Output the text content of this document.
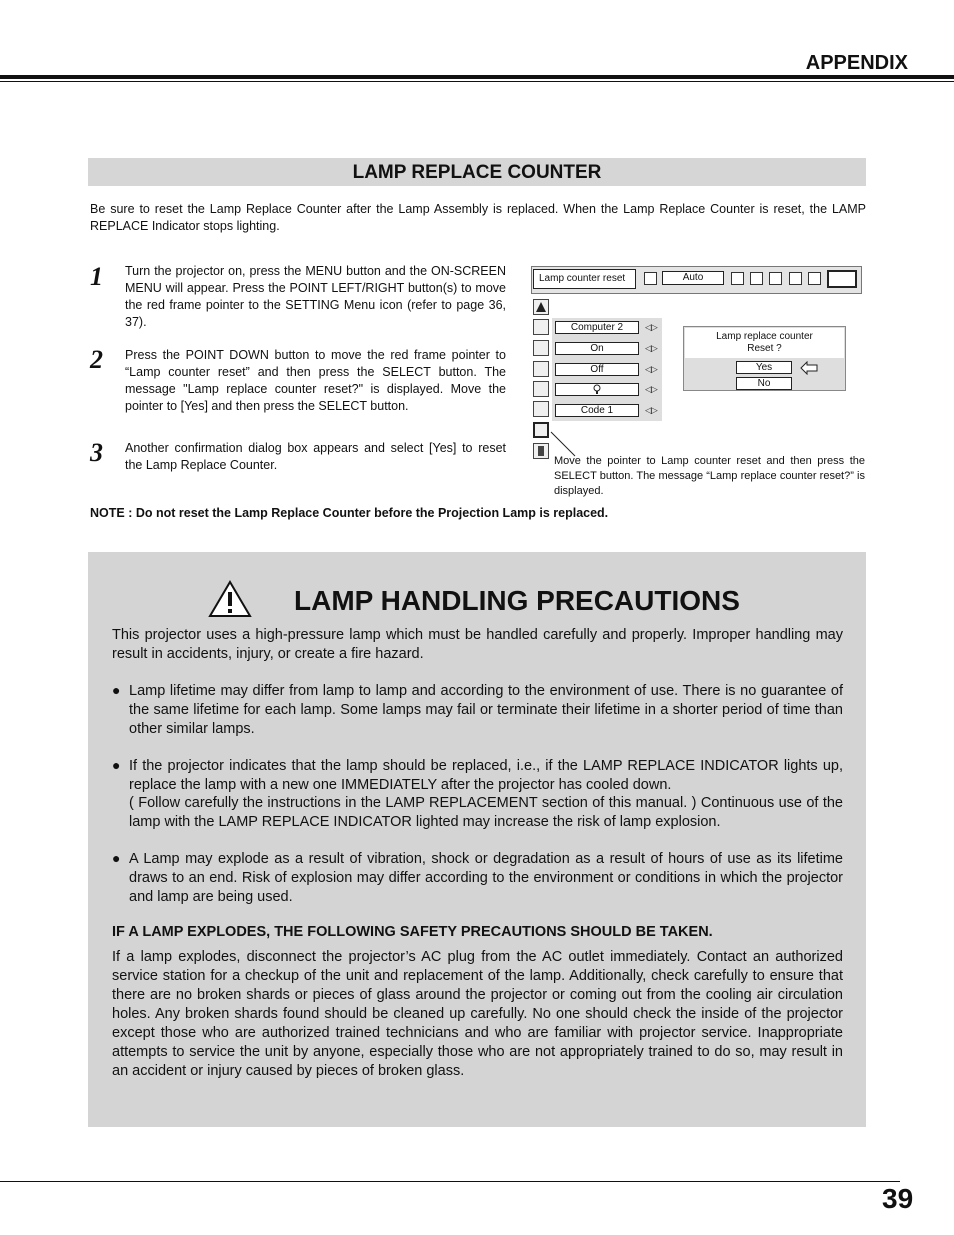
APPENDIX
LAMP REPLACE COUNTER
Be sure to reset the Lamp Replace Counter after the Lamp Assembly is replaced. When the Lamp Replace Counter is reset, the LAMP REPLACE Indicator stops lighting.
1 Turn the projector on, press the MENU button and the ON-SCREEN MENU will appear. Press the POINT LEFT/RIGHT button(s) to move the red frame pointer to the SETTING Menu icon (refer to page 36, 37).
2 Press the POINT DOWN button to move the red frame pointer to “Lamp counter reset” and then press the SELECT button. The message "Lamp replace counter reset?" is displayed. Move the pointer to [Yes] and then press the SELECT button.
3 Another confirmation dialog box appears and select [Yes] to reset the Lamp Replace Counter.
NOTE : Do not reset the Lamp Replace Counter before the Projection Lamp is replaced.
Lamp counter reset	Auto
Computer 2
On
Off
Code 1
◁▷
◁▷
◁▷
◁▷
◁▷
Lamp replace counter
Reset ?
Yes
No
Move the pointer to Lamp counter reset and then press the SELECT button. The message “Lamp replace counter reset?” is displayed.
LAMP HANDLING PRECAUTIONS
This projector uses a high-pressure lamp which must be handled carefully and properly. Improper handling may result in accidents, injury, or create a fire hazard.
● Lamp lifetime may differ from lamp to lamp and according to the environment of use. There is no guarantee of the same lifetime for each lamp. Some lamps may fail or terminate their lifetime in a shorter period of time than other similar lamps.
● If the projector indicates that the lamp should be replaced, i.e., if the LAMP REPLACE INDICATOR lights up, replace the lamp with a new one IMMEDIATELY after the projector has cooled down.
( Follow carefully the instructions in the LAMP REPLACEMENT section of this manual. ) Continuous use of the lamp with the LAMP REPLACE INDICATOR lighted may increase the risk of lamp explosion.
● A Lamp may explode as a result of vibration, shock or degradation as a result of hours of use as its lifetime draws to an end. Risk of explosion may differ according to the environment or conditions in which the projector and lamp are being used.
IF A LAMP EXPLODES, THE FOLLOWING SAFETY PRECAUTIONS SHOULD BE TAKEN.
If a lamp explodes, disconnect the projector’s AC plug from the AC outlet immediately. Contact an authorized service station for a checkup of the unit and replacement of the lamp. Additionally, check carefully to ensure that there are no broken shards or pieces of glass around the projector or coming out from the cooling air circulation holes. Any broken shards found should be cleaned up carefully. No one should check the inside of the projector except those who are authorized trained technicians and who are familiar with projector service. Inappropriate attempts to service the unit by anyone, especially those who are not appropriately trained to do so, may result in an accident or injury caused by pieces of broken glass.
39
